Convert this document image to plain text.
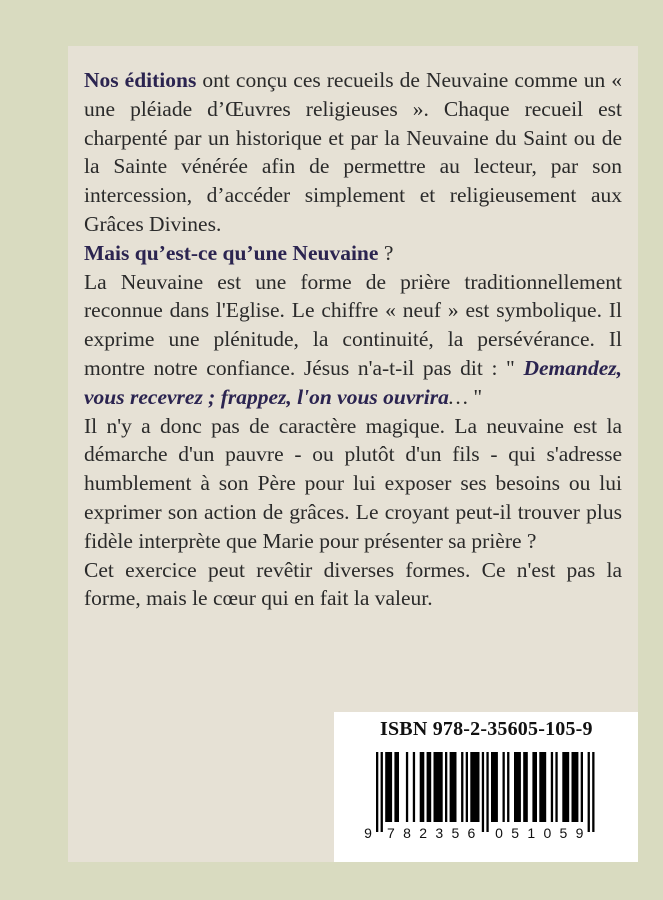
Nos éditions ont conçu ces recueils de Neuvaine comme un « une pléiade d’Œuvres religieuses ». Chaque recueil est charpenté par un historique et par la Neuvaine du Saint ou de la Sainte vénérée afin de permettre au lecteur, par son intercession, d’accéder simplement et religieusement aux Grâces Divines.

Mais qu’est-ce qu’une Neuvaine ?

La Neuvaine est une forme de prière traditionnellement reconnue dans l'Eglise. Le chiffre « neuf » est symbolique. Il exprime une plénitude, la continuité, la persévérance. Il montre notre confiance. Jésus n'a-t-il pas dit : " Demandez, vous recevrez ; frappez, l'on vous ouvrira… "

Il n'y a donc pas de caractère magique. La neuvaine est la démarche d'un pauvre - ou plutôt d'un fils - qui s'adresse humblement à son Père pour lui exposer ses besoins ou lui exprimer son action de grâces. Le croyant peut-il trouver plus fidèle interprète que Marie pour présenter sa prière ?

Cet exercice peut revêtir diverses formes. Ce n'est pas la forme, mais le cœur qui en fait la valeur.

ISBN 978-2-35605-105-9
9 7 8 2 3 5 6 0 5 1 0 5 9
